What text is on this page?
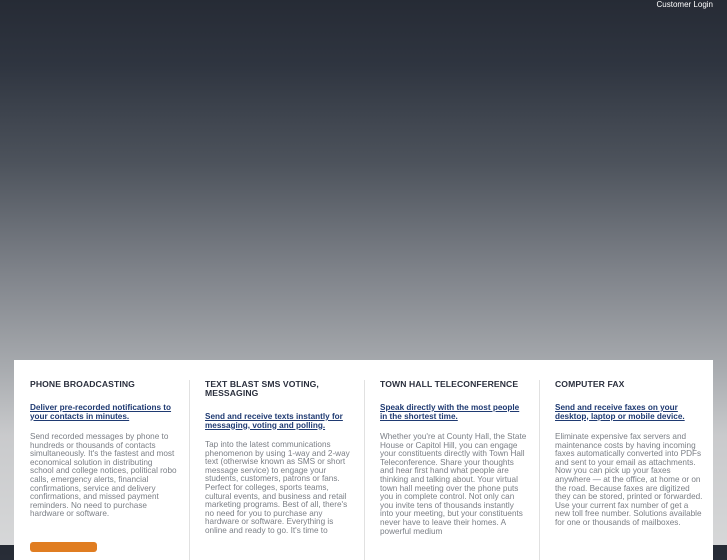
Customer Login
PHONE BROADCASTING
Deliver pre-recorded notifications to your contacts in minutes.
Send recorded messages by phone to hundreds or thousands of contacts simultaneously. It's the fastest and most economical solution in distributing school and college notices, political robo calls, emergency alerts, financial confirmations, service and delivery confirmations, and missed payment reminders. No need to purchase hardware or software.
TEXT BLAST SMS VOTING, MESSAGING
Send and receive texts instantly for messaging, voting and polling.
Tap into the latest communications phenomenon by using 1-way and 2-way text (otherwise known as SMS or short message service) to engage your students, customers, patrons or fans. Perfect for colleges, sports teams, cultural events, and business and retail marketing programs. Best of all, there's no need for you to purchase any hardware or software. Everything is online and ready to go. It's time to
TOWN HALL TELECONFERENCE
Speak directly with the most people in the shortest time.
Whether you're at County Hall, the State House or Capitol Hill, you can engage your constituents directly with Town Hall Teleconference. Share your thoughts and hear first hand what people are thinking and talking about. Your virtual town hall meeting over the phone puts you in complete control. Not only can you invite tens of thousands instantly into your meeting, but your constituents never have to leave their homes. A powerful medium
COMPUTER FAX
Send and receive faxes on your desktop, laptop or mobile device.
Eliminate expensive fax servers and maintenance costs by having incoming faxes automatically converted into PDFs and sent to your email as attachments. Now you can pick up your faxes anywhere — at the office, at home or on the road. Because faxes are digitized they can be stored, printed or forwarded. Use your current fax number of get a new toll free number. Solutions available for one or thousands of mailboxes.
